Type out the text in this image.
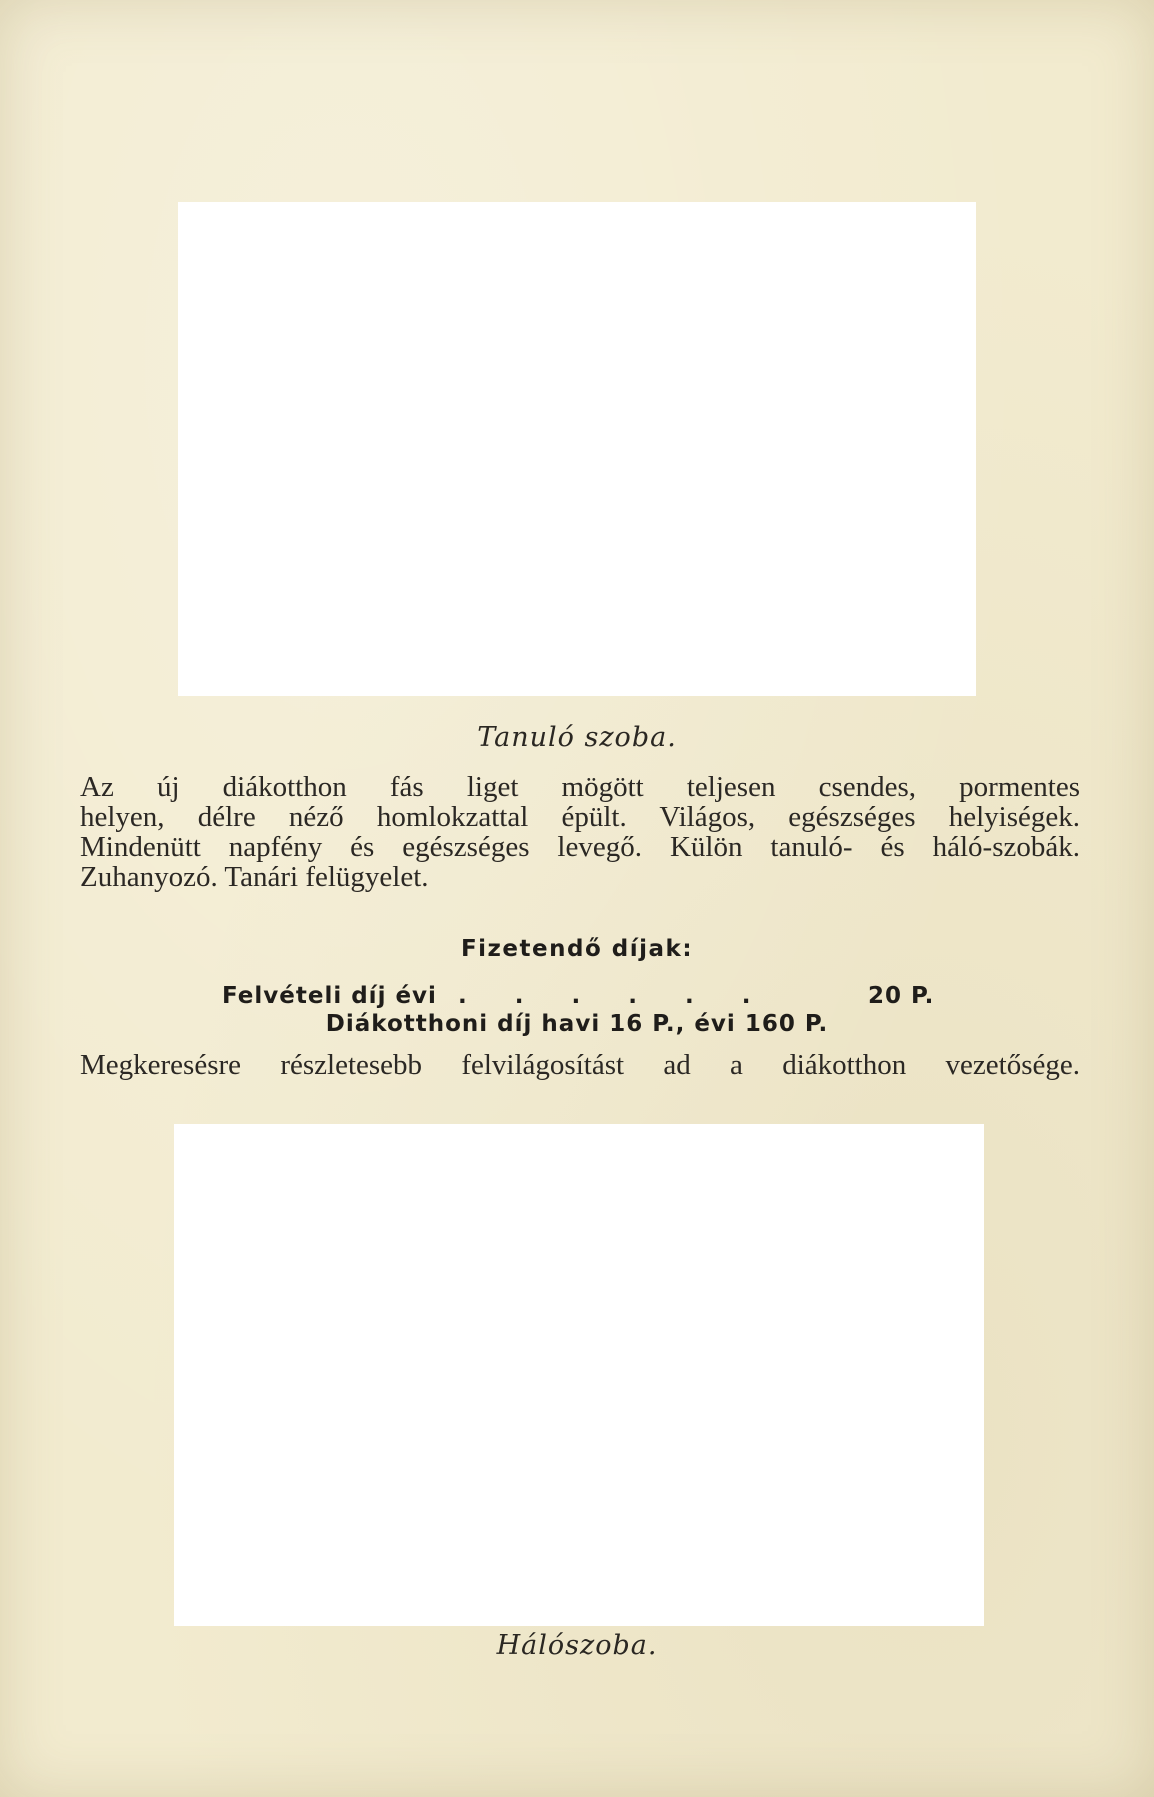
Tanuló szoba.
Az új diákotthon fás liget mögött teljesen csendes, pormentes
helyen, délre néző homlokzattal épült. Világos, egészséges helyiségek.
Mindenütt napfény és egészséges levegő. Külön tanuló- és háló-szobák.
Zuhanyozó. Tanári felügyelet.
Fizetendő díjak:
Felvételi díj évi . . . . . .	20 P.
Diákotthoni díj havi 16 P., évi 160 P.
Megkeresésre részletesebb felvilágosítást ad a diákotthon vezetősége.
Hálószoba.
